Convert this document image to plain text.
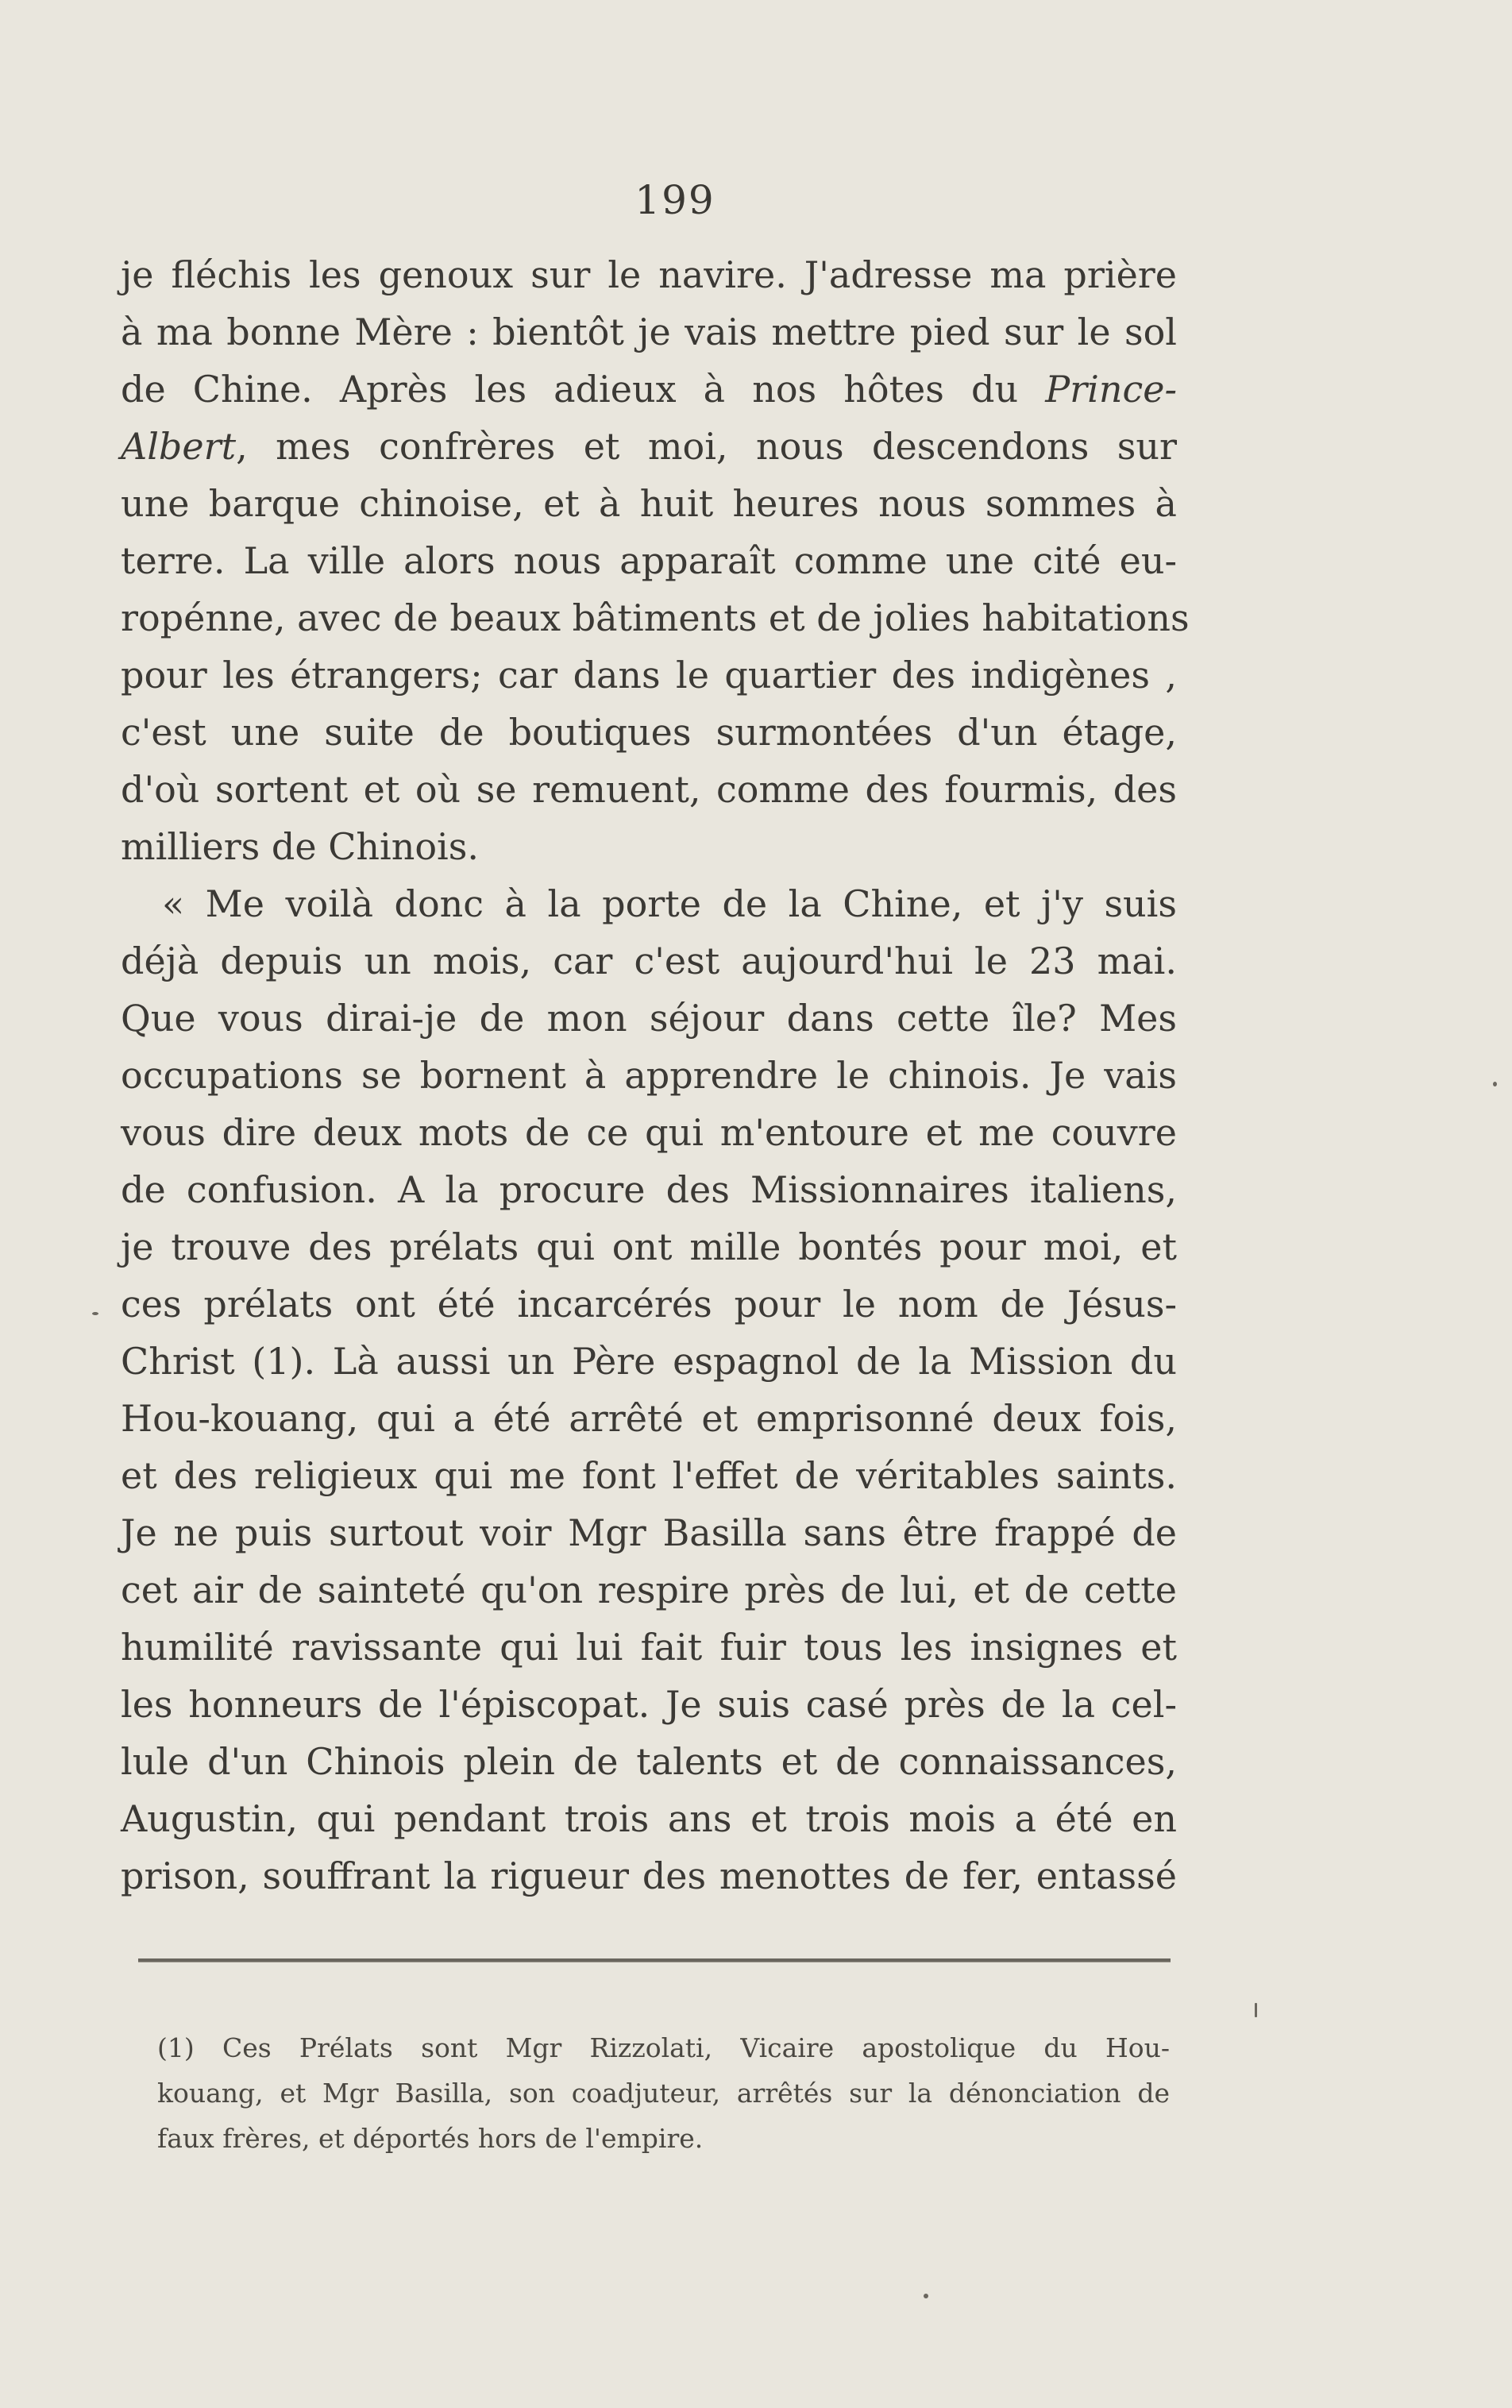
199
je fléchis les genoux sur le navire. J'adresse ma prière
à ma bonne Mère : bientôt je vais mettre pied sur le sol
de Chine. Après les adieux à nos hôtes du Prince-
Albert, mes confrères et moi, nous descendons sur
une barque chinoise, et à huit heures nous sommes à
terre. La ville alors nous apparaît comme une cité eu-
ropénne, avec de beaux bâtiments et de jolies habitations
pour les étrangers; car dans le quartier des indigènes ,
c'est une suite de boutiques surmontées d'un étage,
d'où sortent et où se remuent, comme des fourmis, des
milliers de Chinois.
« Me voilà donc à la porte de la Chine, et j'y suis
déjà depuis un mois, car c'est aujourd'hui le 23 mai.
Que vous dirai-je de mon séjour dans cette île? Mes
occupations se bornent à apprendre le chinois. Je vais
vous dire deux mots de ce qui m'entoure et me couvre
de confusion. A la procure des Missionnaires italiens,
je trouve des prélats qui ont mille bontés pour moi, et
ces prélats ont été incarcérés pour le nom de Jésus-
Christ (1). Là aussi un Père espagnol de la Mission du
Hou-kouang, qui a été arrêté et emprisonné deux fois,
et des religieux qui me font l'effet de véritables saints.
Je ne puis surtout voir Mgr Basilla sans être frappé de
cet air de sainteté qu'on respire près de lui, et de cette
humilité ravissante qui lui fait fuir tous les insignes et
les honneurs de l'épiscopat. Je suis casé près de la cel-
lule d'un Chinois plein de talents et de connaissances,
Augustin, qui pendant trois ans et trois mois a été en
prison, souffrant la rigueur des menottes de fer, entassé
(1) Ces Prélats sont Mgr Rizzolati, Vicaire apostolique du Hou-
kouang, et Mgr Basilla, son coadjuteur, arrêtés sur la dénonciation de
faux frères, et déportés hors de l'empire.
